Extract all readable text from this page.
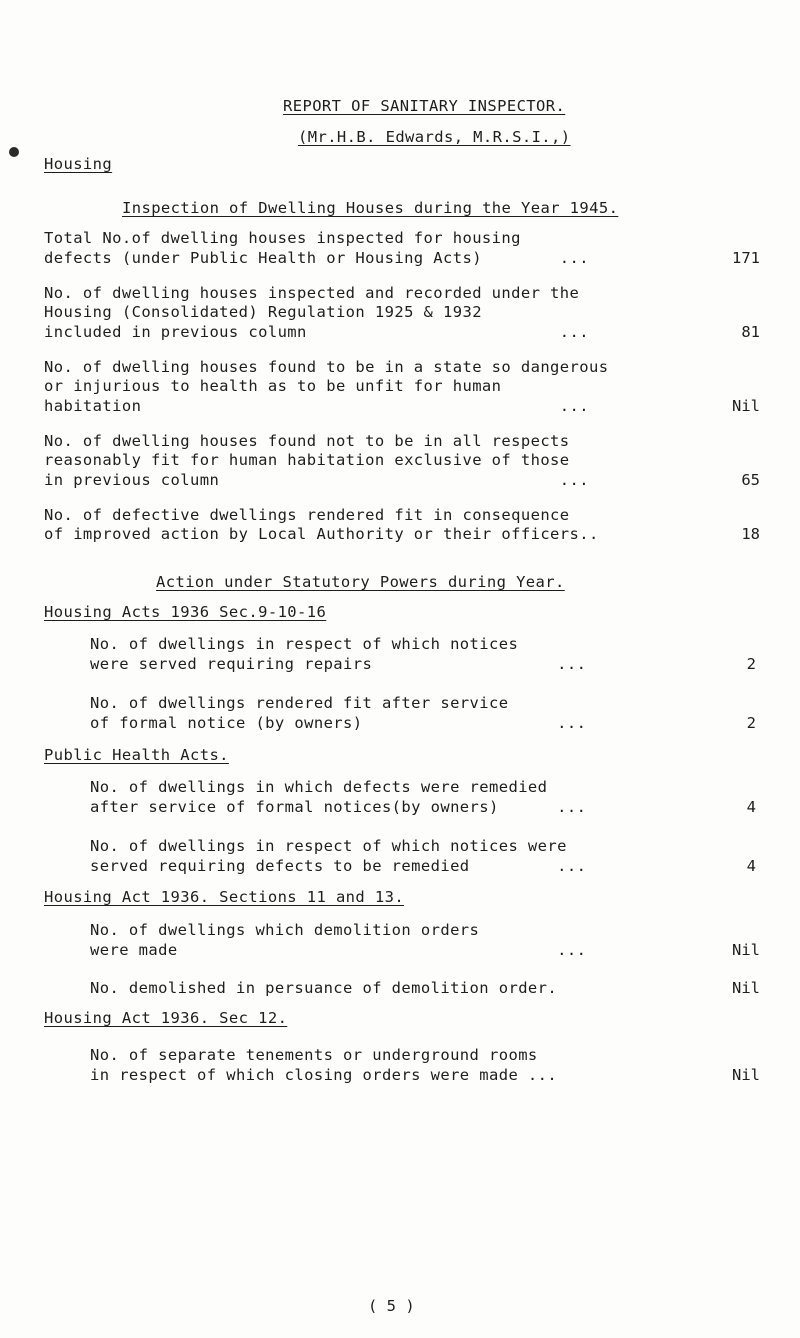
REPORT OF SANITARY INSPECTOR.
(Mr.H.B. Edwards, M.R.S.I.,)
Housing
Inspection of Dwelling Houses during the Year 1945.
Total No.of dwelling houses inspected for housing
defects (under Public Health or Housing Acts)        ...	171
No. of dwelling houses inspected and recorded under the
Housing (Consolidated) Regulation 1925 & 1932
included in previous column                          ...	81
No. of dwelling houses found to be in a state so dangerous
or injurious to health as to be unfit for human
habitation                                           ...	Nil
No. of dwelling houses found not to be in all respects
reasonably fit for human habitation exclusive of those
in previous column                                   ...	65
No. of defective dwellings rendered fit in consequence
of improved action by Local Authority or their officers..	18
Action under Statutory Powers during Year.
Housing Acts 1936 Sec.9-10-16
No. of dwellings in respect of which notices
were served requiring repairs                   ...	2
No. of dwellings rendered fit after service
of formal notice (by owners)                    ...	2
Public Health Acts.
No. of dwellings in which defects were remedied
after service of formal notices(by owners)      ...	4
No. of dwellings in respect of which notices were
served requiring defects to be remedied         ...	4
Housing Act 1936. Sections 11 and 13.
No. of dwellings which demolition orders
were made                                       ...	Nil
No. demolished in persuance of demolition order.	Nil
Housing Act 1936. Sec 12.
No. of separate tenements or underground rooms
in respect of which closing orders were made ...	Nil
( 5 )
